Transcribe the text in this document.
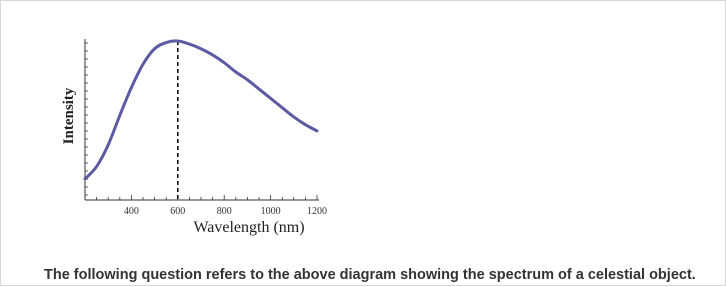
400	600	800	1000	1200
Intensity
Wavelength (nm)
The following question refers to the above diagram showing the spectrum of a celestial object.
